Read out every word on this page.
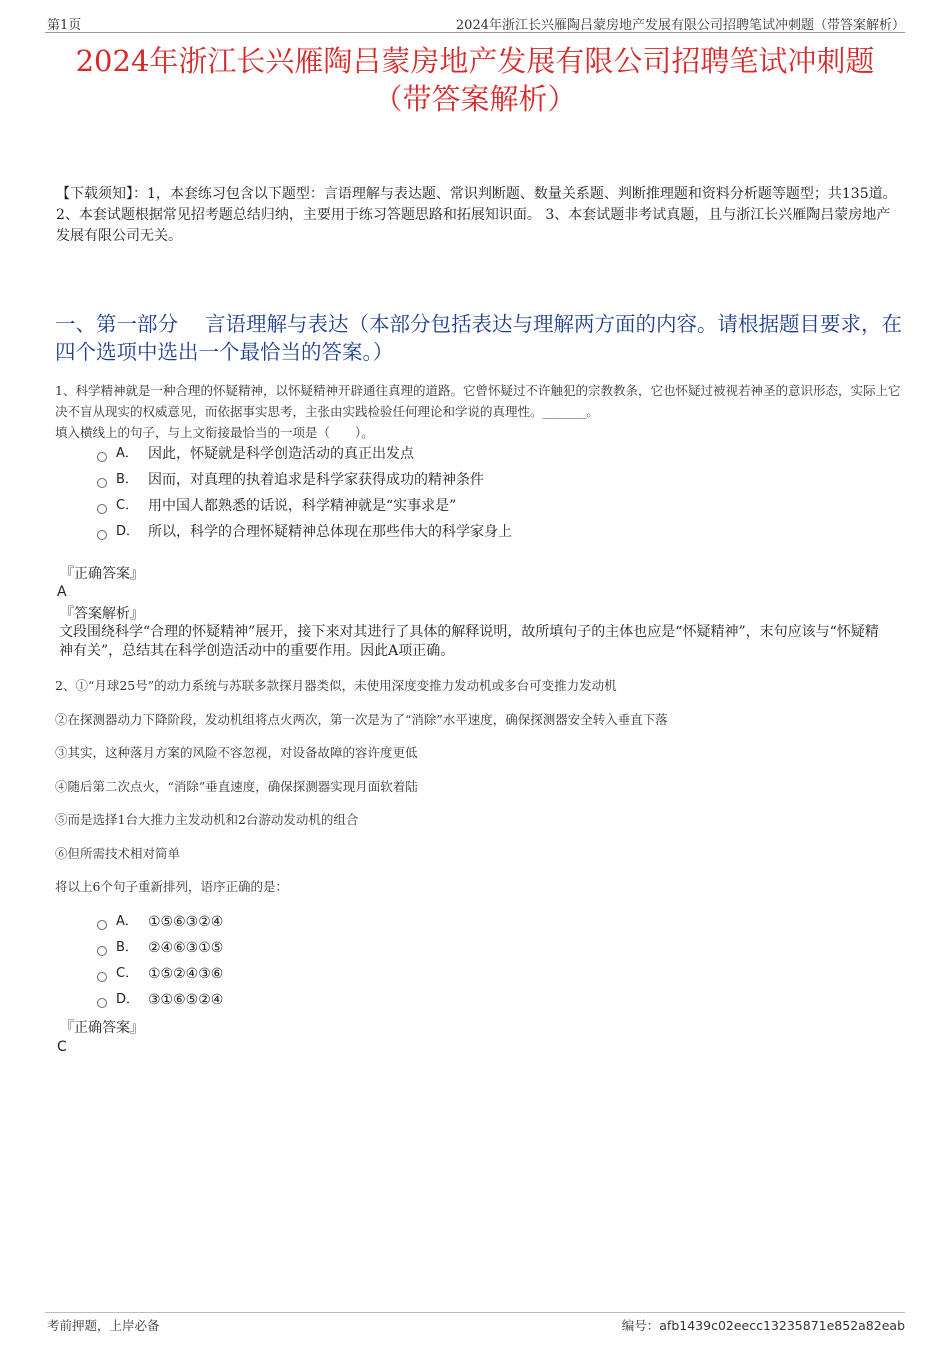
第1页	2024年浙江长兴雁陶吕蒙房地产发展有限公司招聘笔试冲刺题（带答案解析）
2024年浙江长兴雁陶吕蒙房地产发展有限公司招聘笔试冲刺题
（带答案解析）
【下载须知】：1，本套练习包含以下题型：言语理解与表达题、常识判断题、数量关系题、判断推理题和资料分析题等题型；共135道。 2、本套试题根据常见招考题总结归纳，主要用于练习答题思路和拓展知识面。 3、本套试题非考试真题，且与浙江长兴雁陶吕蒙房地产发展有限公司无关。
一、第一部分　 言语理解与表达（本部分包括表达与理解两方面的内容。请根据题目要求，在四个选项中选出一个最恰当的答案。）
1、科学精神就是一种合理的怀疑精神，以怀疑精神开辟通往真理的道路。它曾怀疑过不许触犯的宗教教条，它也怀疑过被视若神圣的意识形态，实际上它决不盲从现实的权威意见，而依据事实思考，主张由实践检验任何理论和学说的真理性。_______。
填入横线上的句子，与上文衔接最恰当的一项是（　　）。
A． 因此，怀疑就是科学创造活动的真正出发点
B． 因而，对真理的执着追求是科学家获得成功的精神条件
C． 用中国人都熟悉的话说，科学精神就是“实事求是”
D． 所以，科学的合理怀疑精神总体现在那些伟大的科学家身上
『正确答案』
A
『答案解析』
文段围绕科学“合理的怀疑精神”展开，接下来对其进行了具体的解释说明，故所填句子的主体也应是“怀疑精神”，末句应该与“怀疑精神有关”，总结其在科学创造活动中的重要作用。因此A项正确。
2、①“月球25号”的动力系统与苏联多款探月器类似，未使用深度变推力发动机或多台可变推力发动机
②在探测器动力下降阶段，发动机组将点火两次，第一次是为了“消除”水平速度，确保探测器安全转入垂直下落
③其实，这种落月方案的风险不容忽视，对设备故障的容许度更低
④随后第二次点火，“消除”垂直速度，确保探测器实现月面软着陆
⑤而是选择1台大推力主发动机和2台游动发动机的组合
⑥但所需技术相对简单
将以上6个句子重新排列，语序正确的是：
A． ①⑤⑥③②④
B． ②④⑥③①⑤
C． ①⑤②④③⑥
D． ③①⑥⑤②④
『正确答案』
C
考前押题，上岸必备	编号：afb1439c02eecc13235871e852a82eab
